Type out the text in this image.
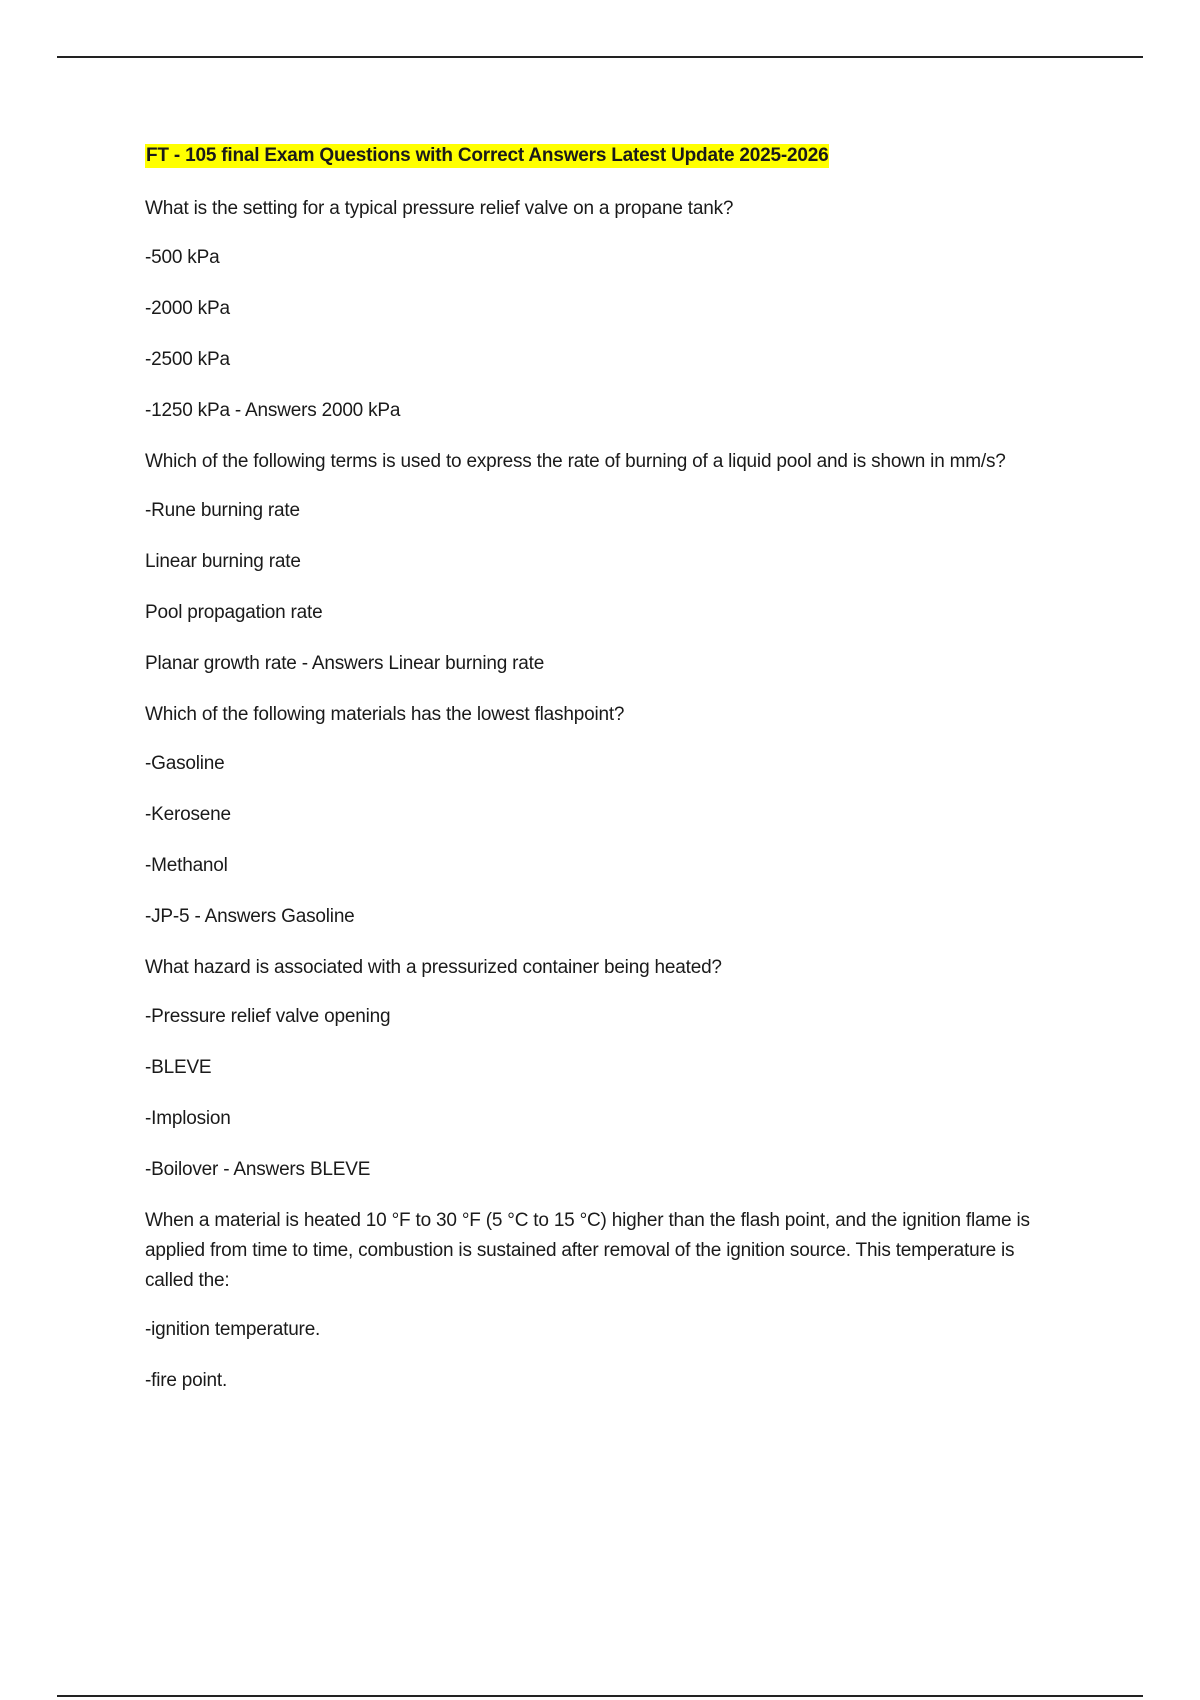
FT - 105 final Exam Questions with Correct Answers Latest Update 2025-2026

What is the setting for a typical pressure relief valve on a propane tank?

-500 kPa

-2000 kPa

-2500 kPa

-1250 kPa - Answers 2000 kPa

Which of the following terms is used to express the rate of burning of a liquid pool and is shown in mm/s?

-Rune burning rate

Linear burning rate

Pool propagation rate

Planar growth rate - Answers Linear burning rate

Which of the following materials has the lowest flashpoint?

-Gasoline

-Kerosene

-Methanol

-JP-5 - Answers Gasoline

What hazard is associated with a pressurized container being heated?

-Pressure relief valve opening

-BLEVE

-Implosion

-Boilover - Answers BLEVE

When a material is heated 10 °F to 30 °F (5 °C to 15 °C) higher than the flash point, and the ignition flame is applied from time to time, combustion is sustained after removal of the ignition source. This temperature is called the:

-ignition temperature.

-fire point.
